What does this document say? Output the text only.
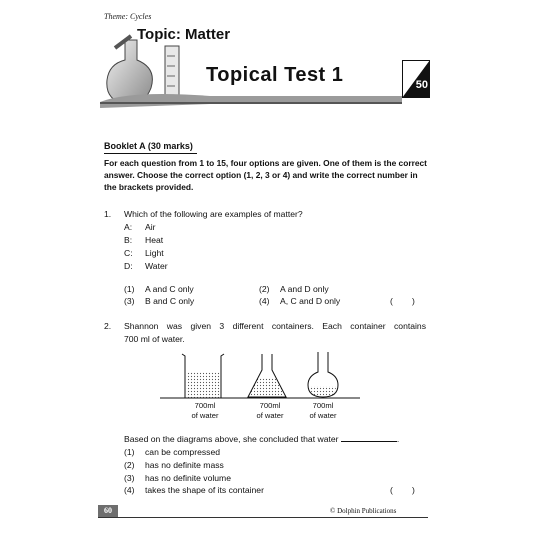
Theme: Cycles
Topic: Matter
Topical Test 1	50
Booklet A (30 marks)
For each question from 1 to 15, four options are given. One of them is the correct answer. Choose the correct option (1, 2, 3 or 4) and write the correct number in the brackets provided.
1. Which of the following are examples of matter?
A: Air
B: Heat
C: Light
D: Water
(1) A and C only	(2) A and D only
(3) B and C only	(4) A, C and D only	(        )
2. Shannon was given 3 different containers. Each container contains
700 ml of water.
700ml
of water
700ml
of water
700ml
of water
Based on the diagrams above, she concluded that water	.
(1) can be compressed
(2) has no definite mass
(3) has no definite volume
(4) takes the shape of its container	(        )
60	© Dolphin Publications
